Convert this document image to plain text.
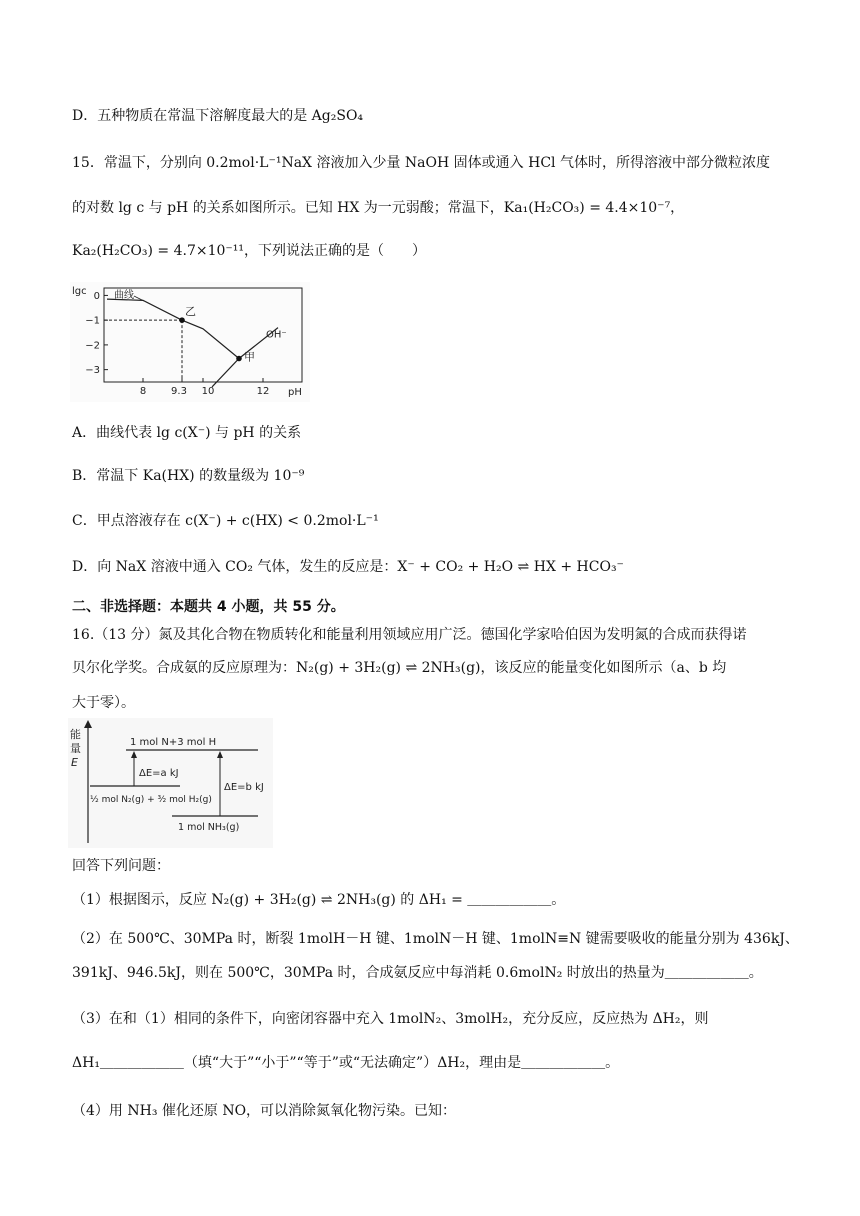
D．五种物质在常温下溶解度最大的是 Ag₂SO₄
15．常温下，分别向 0.2mol·L⁻¹NaX 溶液加入少量 NaOH 固体或通入 HCl 气体时，所得溶液中部分微粒浓度
的对数 lg c 与 pH 的关系如图所示。已知 HX 为一元弱酸；常温下，Ka₁(H₂CO₃) = 4.4×10⁻⁷，
Ka₂(H₂CO₃) = 4.7×10⁻¹¹，下列说法正确的是（　　）
lgc
pH
0
−1
−2
−3
8 9.3 10	12
曲线
乙
甲
OH⁻
A．曲线代表 lg c(X⁻) 与 pH 的关系
B．常温下 Ka(HX) 的数量级为 10⁻⁹
C．甲点溶液存在 c(X⁻) + c(HX) < 0.2mol·L⁻¹
D．向 NaX 溶液中通入 CO₂ 气体，发生的反应是：X⁻ + CO₂ + H₂O ⇌ HX + HCO₃⁻
二、非选择题：本题共 4 小题，共 55 分。
16.（13 分）氮及其化合物在物质转化和能量利用领域应用广泛。德国化学家哈伯因为发明氮的合成而获得诺
贝尔化学奖。合成氨的反应原理为：N₂(g) + 3H₂(g) ⇌ 2NH₃(g)，该反应的能量变化如图所示（a、b 均
大于零）。
能
量
E
1 mol N+3 mol H
½ mol N₂(g) + ³⁄₂ mol H₂(g)
1 mol NH₃(g)
ΔE=a kJ
ΔE=b kJ
回答下列问题：
（1）根据图示，反应 N₂(g) + 3H₂(g) ⇌ 2NH₃(g) 的 ΔH₁ = ＿＿＿＿＿＿。
（2）在 500℃、30MPa 时，断裂 1molH－H 键、1molN－H 键、1molN≡N 键需要吸收的能量分别为 436kJ、
391kJ、946.5kJ，则在 500℃，30MPa 时，合成氨反应中每消耗 0.6molN₂ 时放出的热量为＿＿＿＿＿＿。
（3）在和（1）相同的条件下，向密闭容器中充入 1molN₂、3molH₂，充分反应，反应热为 ΔH₂，则
ΔH₁＿＿＿＿＿＿（填“大于”“小于”“等于”或“无法确定”）ΔH₂，理由是＿＿＿＿＿＿。
（4）用 NH₃ 催化还原 NO，可以消除氮氧化物污染。已知：
